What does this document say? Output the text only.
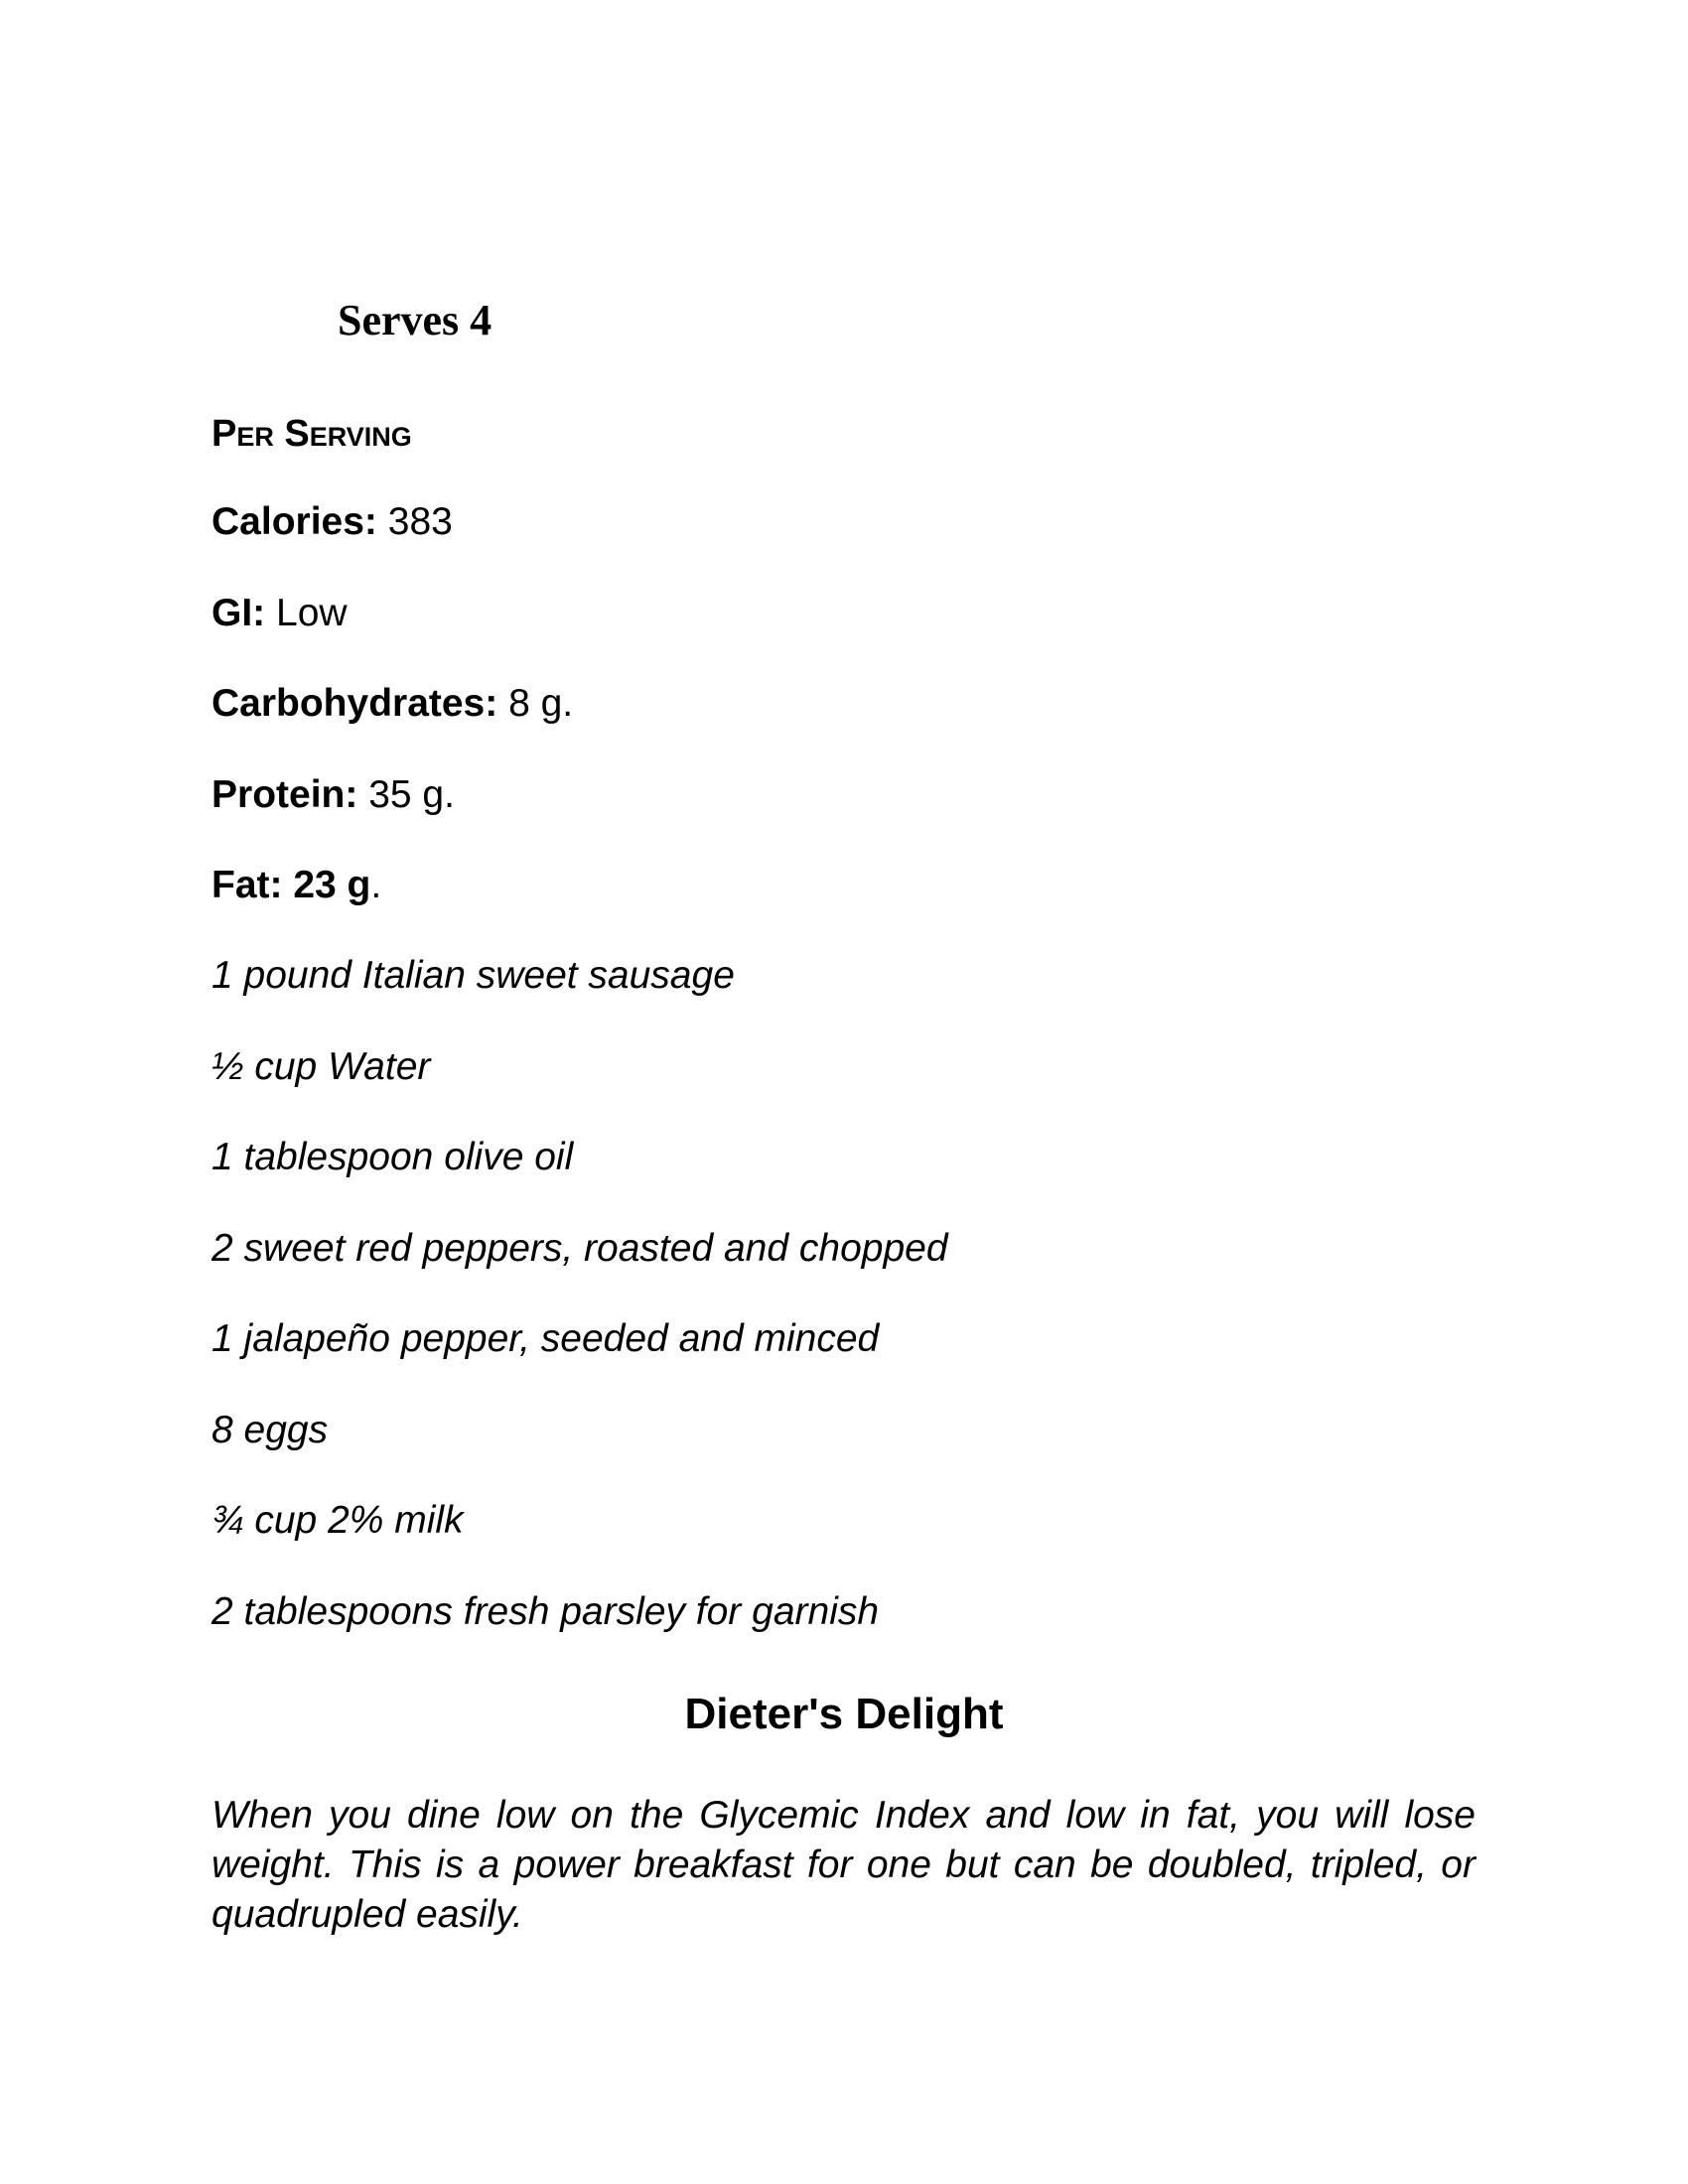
Serves 4
Per Serving
Calories: 383
GI: Low
Carbohydrates: 8 g.
Protein: 35 g.
Fat: 23 g.
1 pound Italian sweet sausage
½ cup Water
1 tablespoon olive oil
2 sweet red peppers, roasted and chopped
1 jalapeño pepper, seeded and minced
8 eggs
¾ cup 2% milk
2 tablespoons fresh parsley for garnish
Dieter's Delight

When you dine low on the Glycemic Index and low in fat, you will lose weight. This is a power breakfast for one but can be doubled, tripled, or quadrupled easily.
